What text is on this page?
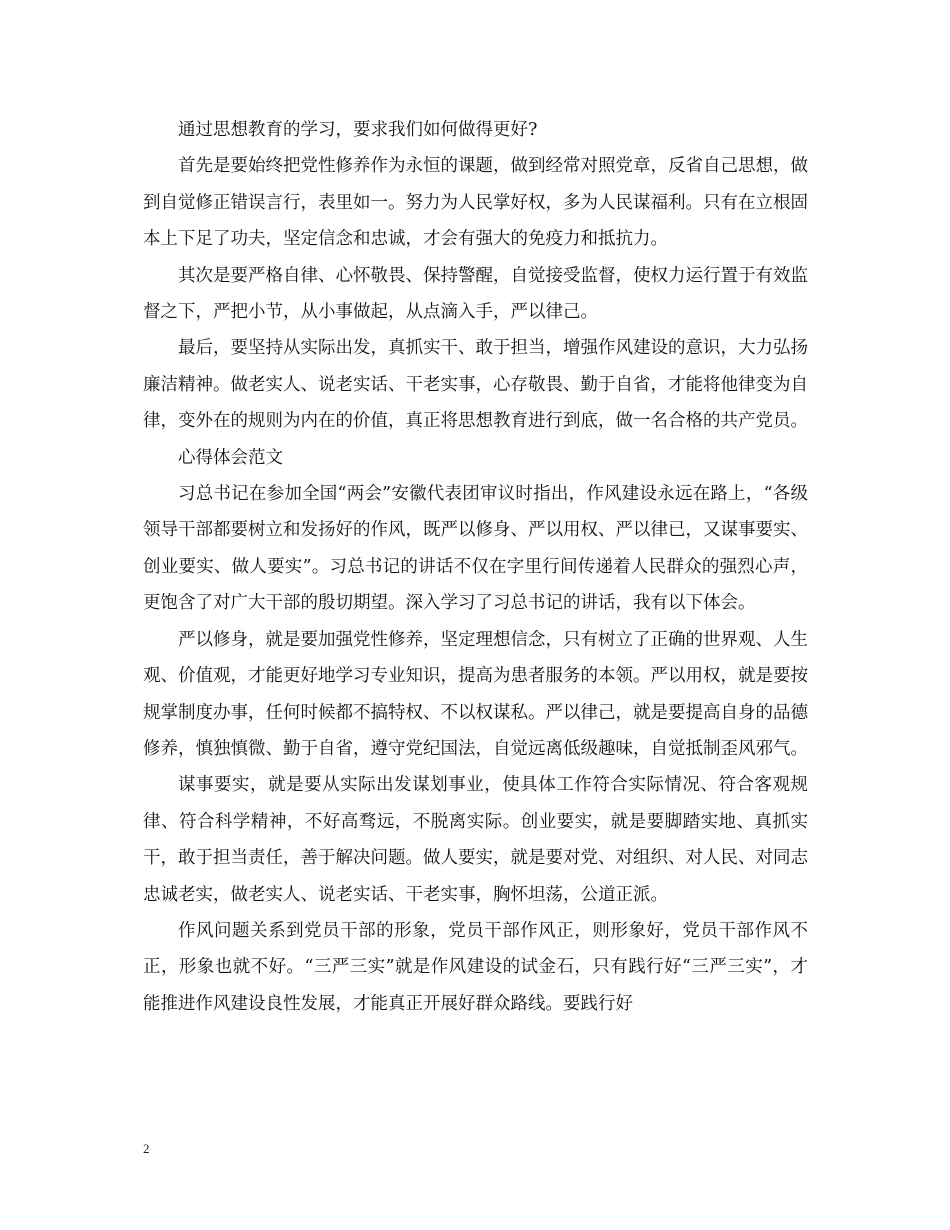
通过思想教育的学习，要求我们如何做得更好?

首先是要始终把党性修养作为永恒的课题，做到经常对照党章，反省自己思想，做到自觉修正错误言行，表里如一。努力为人民掌好权，多为人民谋福利。只有在立根固本上下足了功夫，坚定信念和忠诚，才会有强大的免疫力和抵抗力。

其次是要严格自律、心怀敬畏、保持警醒，自觉接受监督，使权力运行置于有效监督之下，严把小节，从小事做起，从点滴入手，严以律己。

最后，要坚持从实际出发，真抓实干、敢于担当，增强作风建设的意识，大力弘扬廉洁精神。做老实人、说老实话、干老实事，心存敬畏、勤于自省，才能将他律变为自律，变外在的规则为内在的价值，真正将思想教育进行到底，做一名合格的共产党员。

心得体会范文

习总书记在参加全国“两会”安徽代表团审议时指出，作风建设永远在路上，“各级领导干部都要树立和发扬好的作风，既严以修身、严以用权、严以律已，又谋事要实、创业要实、做人要实”。习总书记的讲话不仅在字里行间传递着人民群众的强烈心声，更饱含了对广大干部的殷切期望。深入学习了习总书记的讲话，我有以下体会。

严以修身，就是要加强党性修养，坚定理想信念，只有树立了正确的世界观、人生观、价值观，才能更好地学习专业知识，提高为患者服务的本领。严以用权，就是要按规掌制度办事，任何时候都不搞特权、不以权谋私。严以律己，就是要提高自身的品德修养，慎独慎微、勤于自省，遵守党纪国法，自觉远离低级趣味，自觉抵制歪风邪气。

谋事要实，就是要从实际出发谋划事业，使具体工作符合实际情况、符合客观规律、符合科学精神，不好高骛远，不脱离实际。创业要实，就是要脚踏实地、真抓实干，敢于担当责任，善于解决问题。做人要实，就是要对党、对组织、对人民、对同志忠诚老实，做老实人、说老实话、干老实事，胸怀坦荡，公道正派。

作风问题关系到党员干部的形象，党员干部作风正，则形象好，党员干部作风不正，形象也就不好。“三严三实”就是作风建设的试金石，只有践行好“三严三实”，才能推进作风建设良性发展，才能真正开展好群众路线。要践行好

2
